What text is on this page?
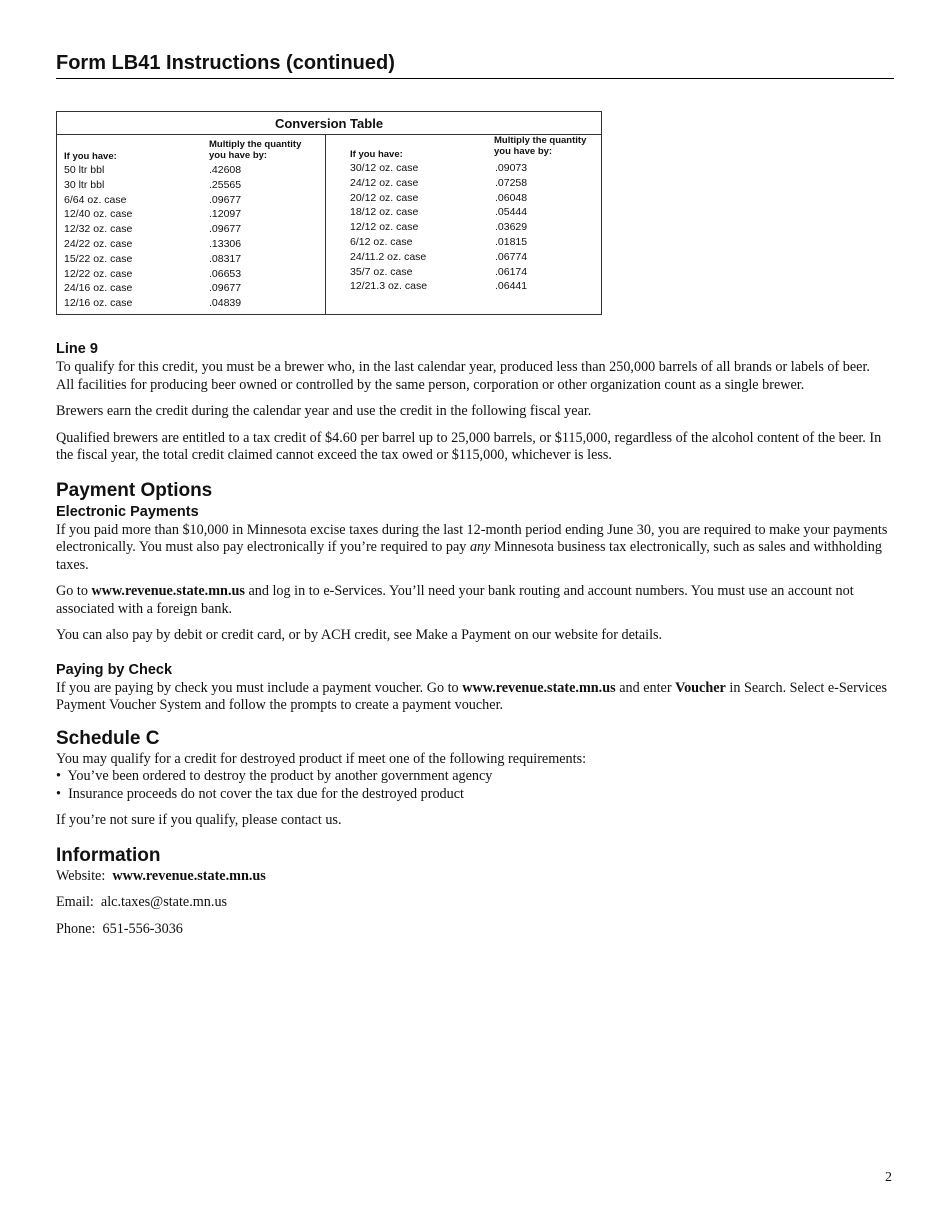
Form LB41 Instructions (continued)
Conversion Table
If you have:
Multiply the quantity
you have by:
50 ltr bbl	.42608
30 ltr bbl	.25565
6/64 oz. case	.09677
12/40 oz. case	.12097
12/32 oz. case	.09677
24/22 oz. case	.13306
15/22 oz. case	.08317
12/22 oz. case	.06653
24/16 oz. case	.09677
12/16 oz. case	.04839
If you have:
Multiply the quantity
you have by:
30/12 oz. case	.09073
24/12 oz. case	.07258
20/12 oz. case	.06048
18/12 oz. case	.05444
12/12 oz. case	.03629
6/12 oz. case	.01815
24/11.2 oz. case	.06774
35/7 oz. case	.06174
12/21.3 oz. case	.06441
Line 9

To qualify for this credit, you must be a brewer who, in the last calendar year, produced less than 250,000 barrels of all brands or labels of beer. All facilities for producing beer owned or controlled by the same person, corporation or other organization count as a single brewer.

Brewers earn the credit during the calendar year and use the credit in the following fiscal year.

Qualified brewers are entitled to a tax credit of $4.60 per barrel up to 25,000 barrels, or $115,000, regardless of the alcohol content of the beer. In the fiscal year, the total credit claimed cannot exceed the tax owed or $115,000, whichever is less.

Payment Options
Electronic Payments

If you paid more than $10,000 in Minnesota excise taxes during the last 12-month period ending June 30, you are required to make your payments electronically. You must also pay electronically if you’re required to pay any Minnesota business tax electronically, such as sales and withholding taxes.

Go to www.revenue.state.mn.us and log in to e-Services. You’ll need your bank routing and account numbers. You must use an account not associated with a foreign bank.

You can also pay by debit or credit card, or by ACH credit, see Make a Payment on our website for details.

Paying by Check

If you are paying by check you must include a payment voucher. Go to www.revenue.state.mn.us and enter Voucher in Search. Select e-Services Payment Voucher System and follow the prompts to create a payment voucher.

Schedule C

You may qualify for a credit for destroyed product if meet one of the following requirements:

•  You’ve been ordered to destroy the product by another government agency
•  Insurance proceeds do not cover the tax due for the destroyed product

If you’re not sure if you qualify, please contact us.

Information

Website: www.revenue.state.mn.us

Email: alc.taxes@state.mn.us

Phone: 651-556-3036

2
